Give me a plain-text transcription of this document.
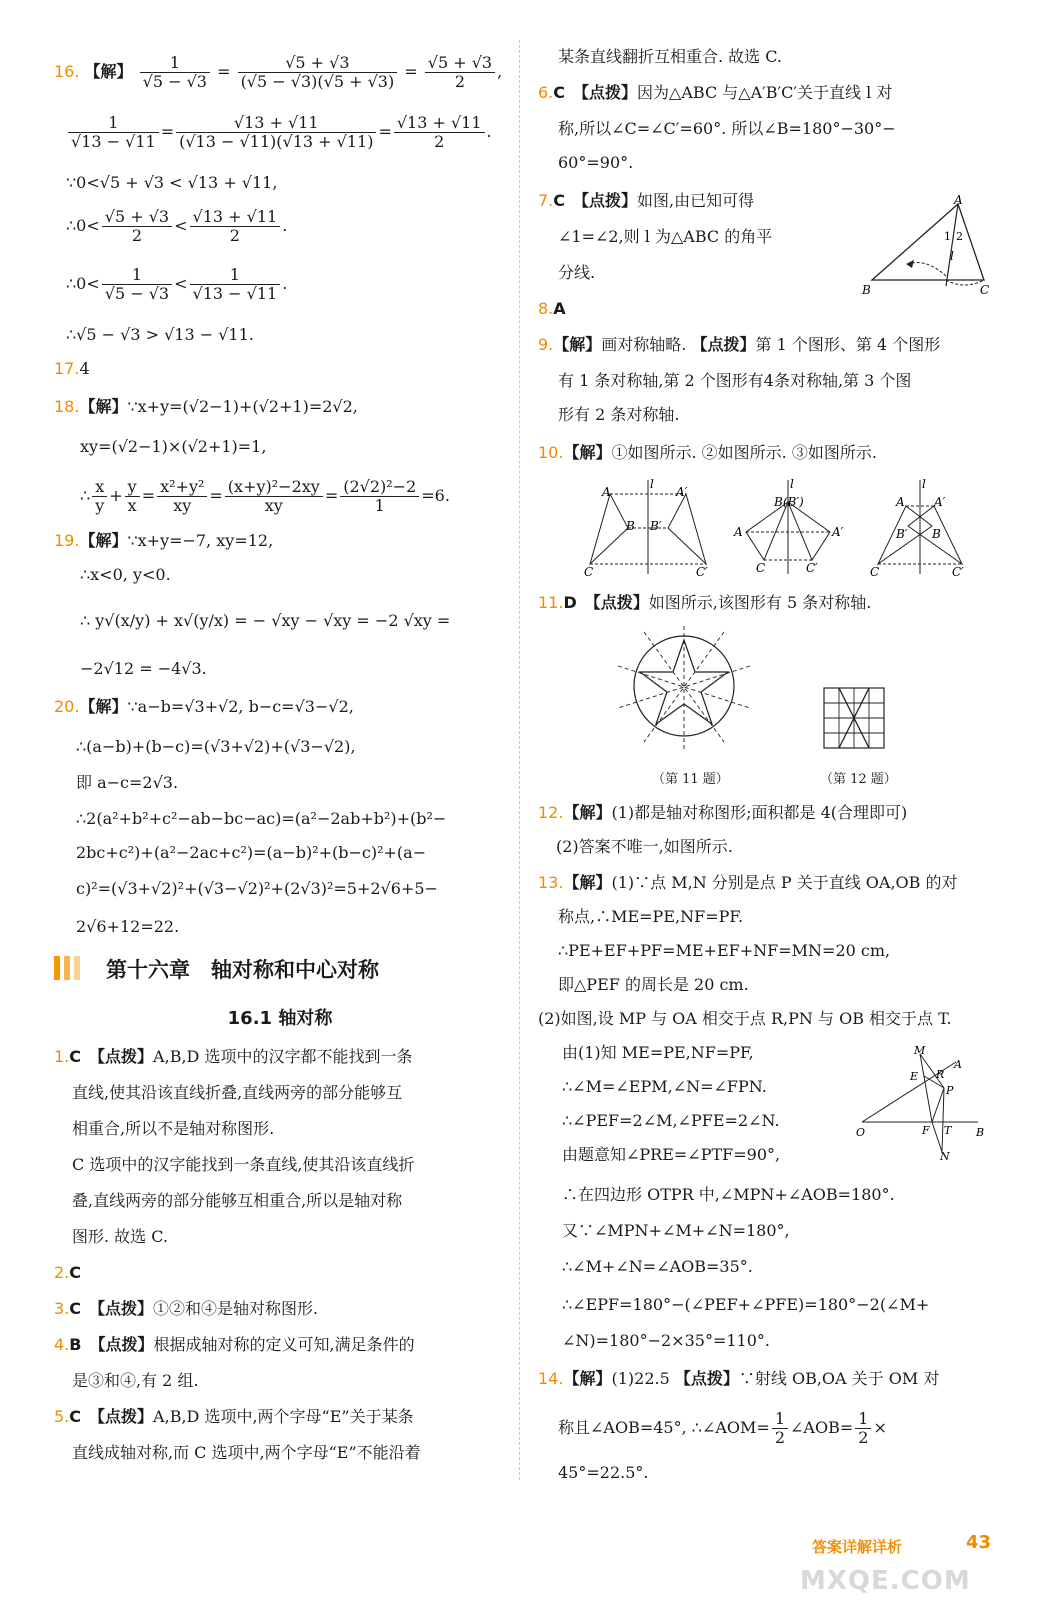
16. 【解】 $\frac{1}{√5 - √3} = \frac{√5 + √3}{(√5 - √3)(√5 + √3)} = \frac{√5 + √3}{2}$ ,
$\frac{1}{√13 - √11} = \frac{√13 + √11}{(√13 - √11)(√13 + √11)} = \frac{√13 + √11}{2}$ .
∵0<√5 + √3 < √13 + √11,
∴0< $\frac{√5 + √3}{2} < \frac{√13 + √11}{2}$ .
∴0< $\frac{1}{√5 - √3} < \frac{1}{√13 - √11}$ .
∴√5 − √3 > √13 − √11.
17.4
18.【解】∵x+y=(√2−1)+(√2+1)=2√2,
xy=(√2−1)×(√2+1)=1,
∴ $\frac{x}{y} + \frac{y}{x} = \frac{\text{x²+y²}}{xy} = \frac{\text{(x+y)²−2xy}}{xy} = \frac{\text{(2√2)²−2}}{1} =6$.
19.【解】∵x+y=−7, xy=12,
∴x<0, y<0.
∴ y√(x/y) + x√(y/x) = − √xy − √xy = −2 √xy =
−2√12 = −4√3.
20.【解】∵a−b=√3+√2, b−c=√3−√2,
∴(a−b)+(b−c)=(√3+√2)+(√3−√2),
即 a−c=2√3.
∴2(a²+b²+c²−ab−bc−ac)=(a²−2ab+b²)+(b²−
2bc+c²)+(a²−2ac+c²)=(a−b)²+(b−c)²+(a−
c)²=(√3+√2)²+(√3−√2)²+(2√3)²=5+2√6+5−
2√6+12=22.
第十六章　轴对称和中心对称
16.1 轴对称
1.C　 【点拨】A,B,D 选项中的汉字都不能找到一条
直线,使其沿该直线折叠,直线两旁的部分能够互
相重合,所以不是轴对称图形.
C 选项中的汉字能找到一条直线,使其沿该直线折
叠,直线两旁的部分能够互相重合,所以是轴对称
图形. 故选 C.
2.C
3.C　 【点拨】①②和④是轴对称图形.
4.B　 【点拨】根据成轴对称的定义可知,满足条件的
是③和④,有 2 组.
5.C　 【点拨】A,B,D 选项中,两个字母“E”关于某条
直线成轴对称,而 C 选项中,两个字母“E”不能沿着
某条直线翻折互相重合. 故选 C.
6.C　 【点拨】因为△ABC 与△A′B′C′关于直线 l 对
称,所以∠C=∠C′=60°. 所以∠B=180°−30°−
60°=90°.
7.C　 【点拨】如图,由已知可得
∠1=∠2,则 l 为△ABC 的角平
分线.
A
B	C
1 2
l
8.A
9.【解】画对称轴略. 【点拨】第 1 个图形、第 4 个图形
有 1 条对称轴,第 2 个图形有4条对称轴,第 3 个图
形有 2 条对称轴.
10.【解】①如图所示. ②如图所示. ③如图所示.
A	A′
B B′
C	C′
l
B(B′)
A	A′
C	C′
l
A A′
B′ B
C	C′
l
11.D　 【点拨】如图所示,该图形有 5 条对称轴.
（第 11 题）	（第 12 题）
12.【解】(1)都是轴对称图形;面积都是 4(合理即可)
(2)答案不唯一,如图所示.
13.【解】(1)∵点 M,N 分别是点 P 关于直线 OA,OB 的对
称点,∴ME=PE,NF=PF.
∴PE+EF+PF=ME+EF+NF=MN=20 cm,
即△PEF 的周长是 20 cm.
(2)如图,设 MP 与 OA 相交于点 R,PN 与 OB 相交于点 T.
由(1)知 ME=PE,NF=PF,
∴∠M=∠EPM,∠N=∠FPN.
∴∠PEF=2∠M,∠PFE=2∠N.
由题意知∠PRE=∠PTF=90°,
∴在四边形 OTPR 中,∠MPN+∠AOB=180°.
又∵∠MPN+∠M+∠N=180°,
∴∠M+∠N=∠AOB=35°.
∴∠EPF=180°−(∠PEF+∠PFE)=180°−2(∠M+
∠N)=180°−2×35°=110°.
M
A
E R
P
O	F T B
N
14.【解】(1)22.5 【点拨】∵射线 OB,OA 关于 OM 对
称且∠AOB=45°, ∴∠AOM= $\frac{1}{2}$ ∠AOB= $\frac{1}{2}$ ×
45°=22.5°.
答案详解详析	43
MXQE.COM
